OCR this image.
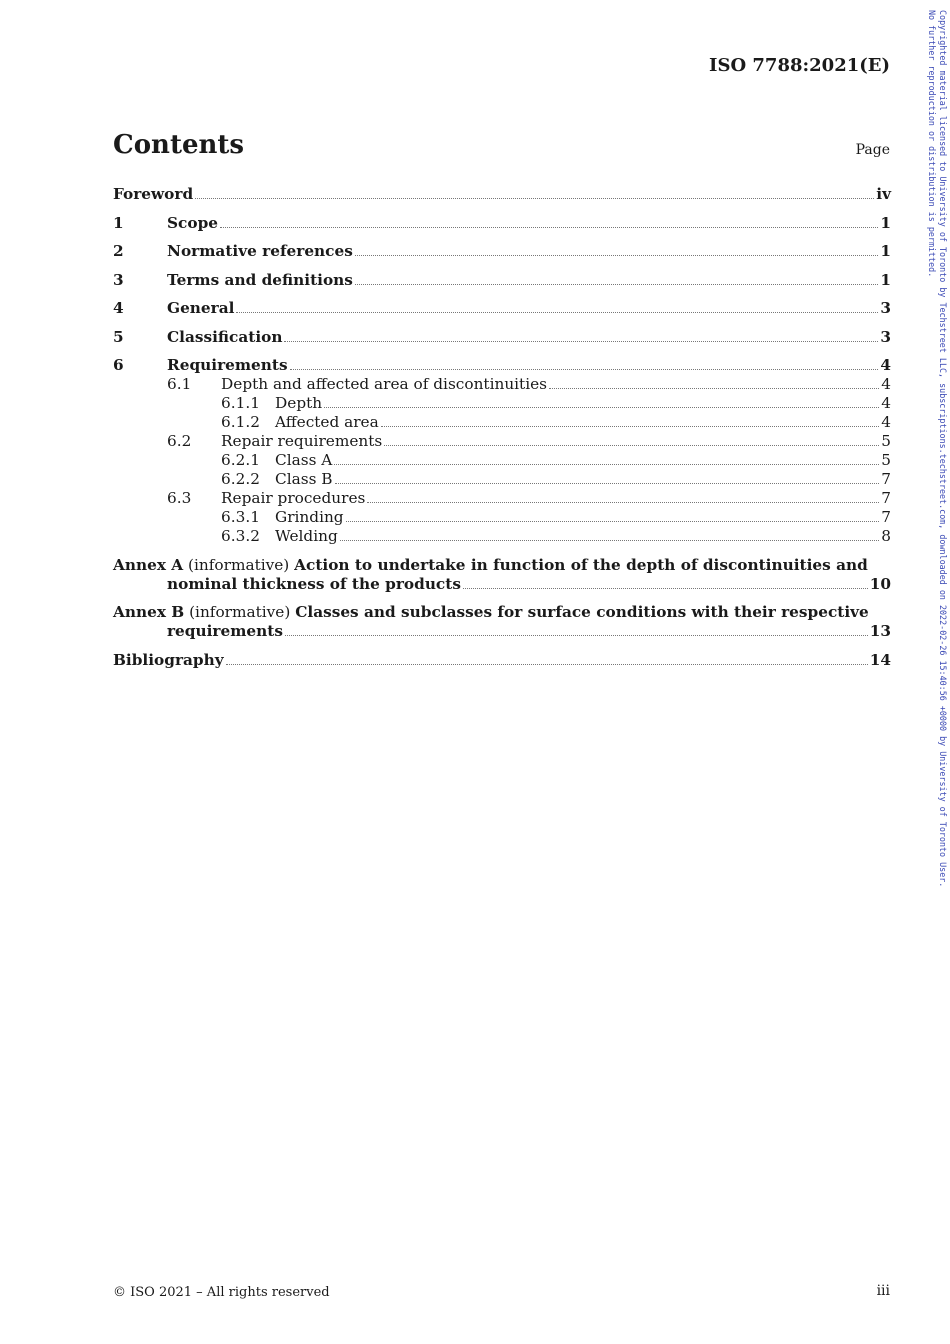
ISO 7788:2021(E)	Copyrighted material licensed to University of Toronto by Techstreet LLC, subscriptions.techstreet.com, downloaded on 2022-02-26 15:40:56 +0000 by University of Toronto User.
No further reproduction or distribution is permitted.
Contents	Page
Foreword	iv
1	Scope	1
2	Normative references	1
3	Terms and definitions	1
4	General	3
5	Classification	3
6	Requirements	4
6.1	Depth and affected area of discontinuities	4
6.1.1 Depth	4
6.1.2 Affected area	4
6.2	Repair requirements	5
6.2.1 Class A	5
6.2.2 Class B	7
6.3	Repair procedures	7
6.3.1 Grinding	7
6.3.2 Welding	8
Annex A (informative) Action to undertake in function of the depth of discontinuities and
nominal thickness of the products	10
Annex B (informative) Classes and subclasses for surface conditions with their respective
requirements	13
Bibliography	14
© ISO 2021 – All rights reserved	iii
